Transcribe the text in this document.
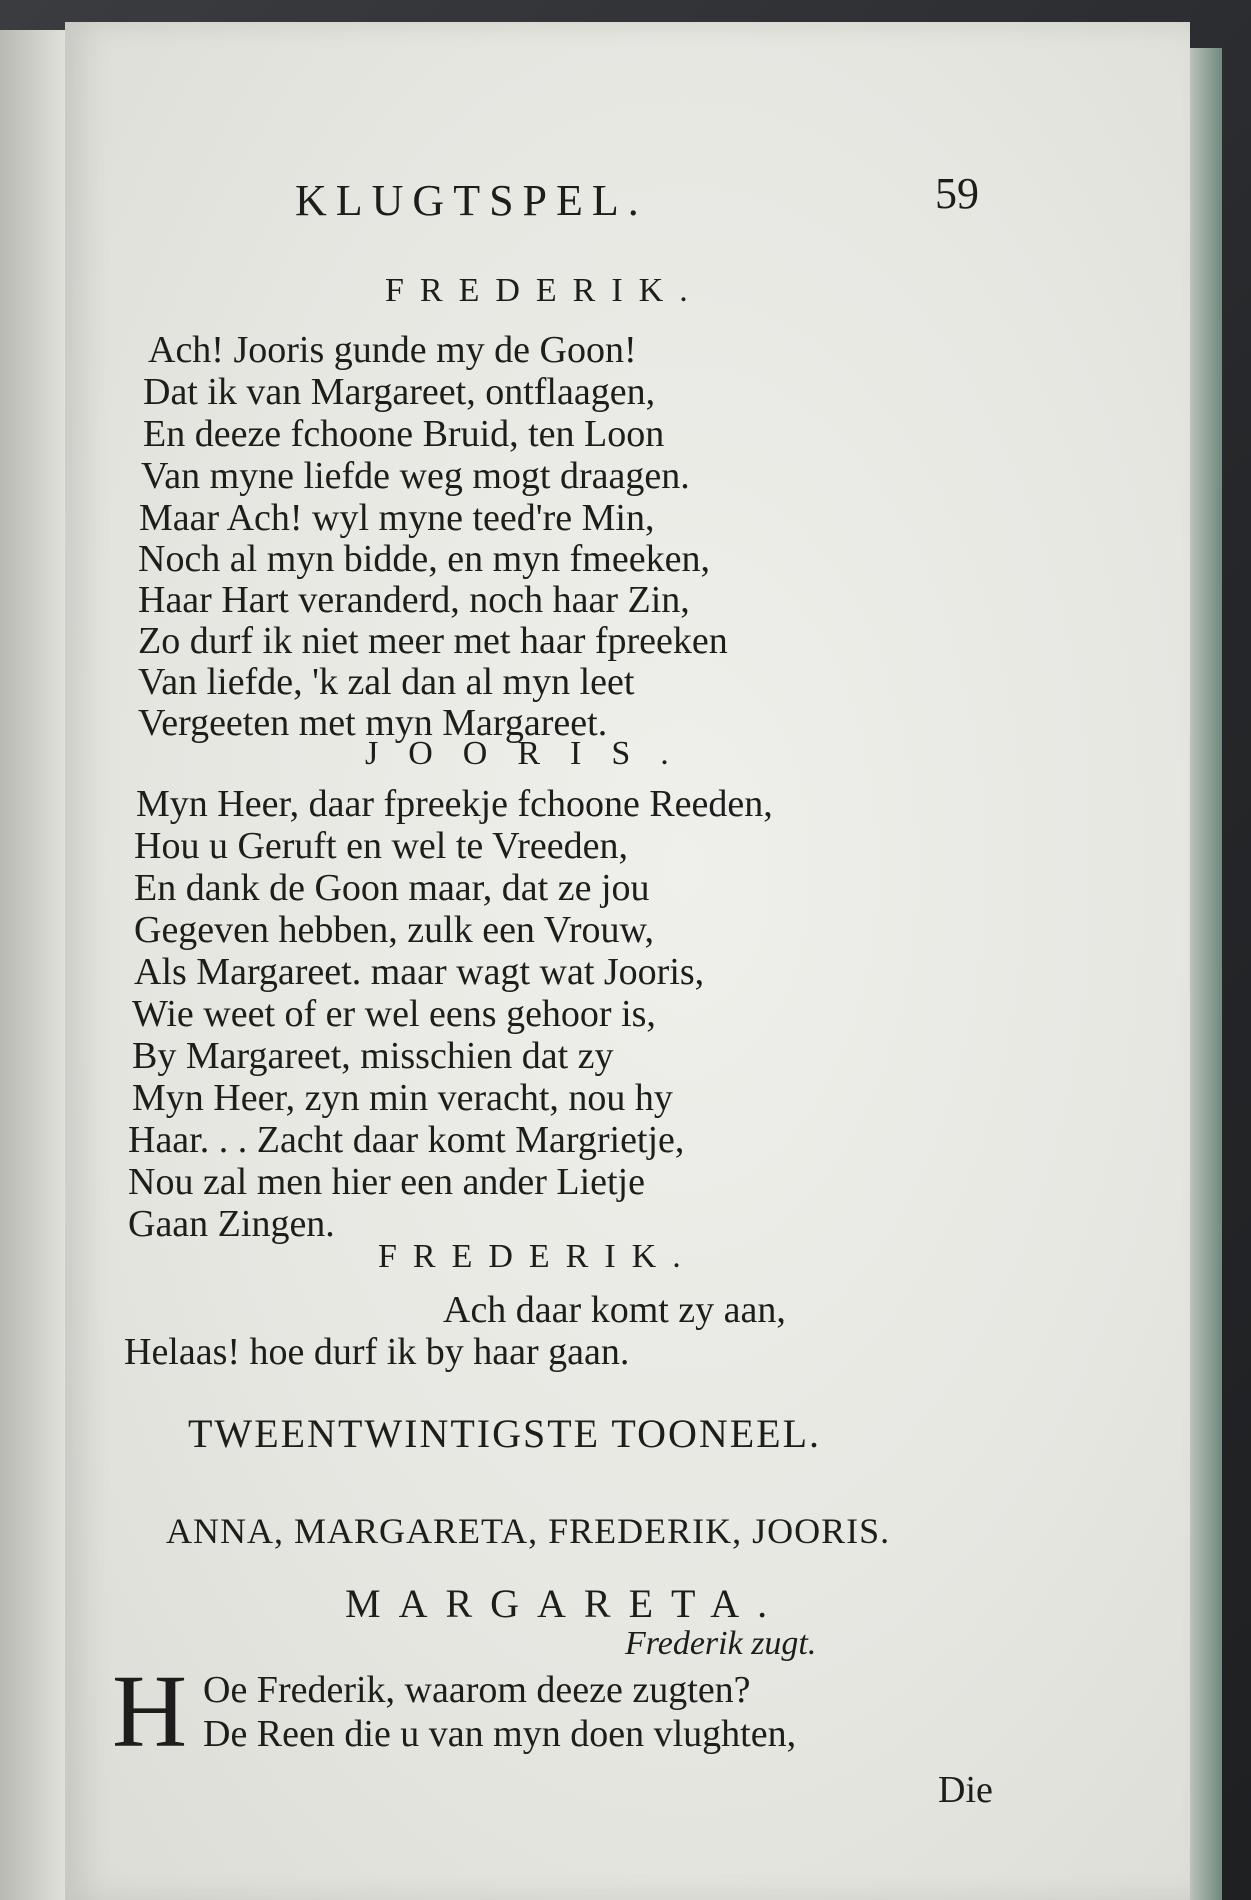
KLUGTSPEL.	59
FREDERIK.
Ach! Jooris gunde my de Goon!
Dat ik van Margareet, ontflaagen,
En deeze fchoone Bruid, ten Loon
Van myne liefde weg mogt draagen.
Maar Ach! wyl myne teed're Min,
Noch al myn bidde, en myn fmeeken,
Haar Hart veranderd, noch haar Zin,
Zo durf ik niet meer met haar fpreeken
Van liefde, 'k zal dan al myn leet
Vergeeten met myn Margareet.
JOORIS.
Myn Heer, daar fpreekje fchoone Reeden,
Hou u Geruft en wel te Vreeden,
En dank de Goon maar, dat ze jou
Gegeven hebben, zulk een Vrouw,
Als Margareet. maar wagt wat Jooris,
Wie weet of er wel eens gehoor is,
By Margareet, misschien dat zy
Myn Heer, zyn min veracht, nou hy
Haar. . . Zacht daar komt Margrietje,
Nou zal men hier een ander Lietje
Gaan Zingen.
FREDERIK.
Ach daar komt zy aan,
Helaas! hoe durf ik by haar gaan.
TWEENTWINTIGSTE TOONEEL.
ANNA, MARGARETA, FREDERIK, JOORIS.
MARGARETA.
Frederik zugt.
H Oe Frederik, waarom deeze zugten?
De Reen die u van myn doen vlughten,
Die
